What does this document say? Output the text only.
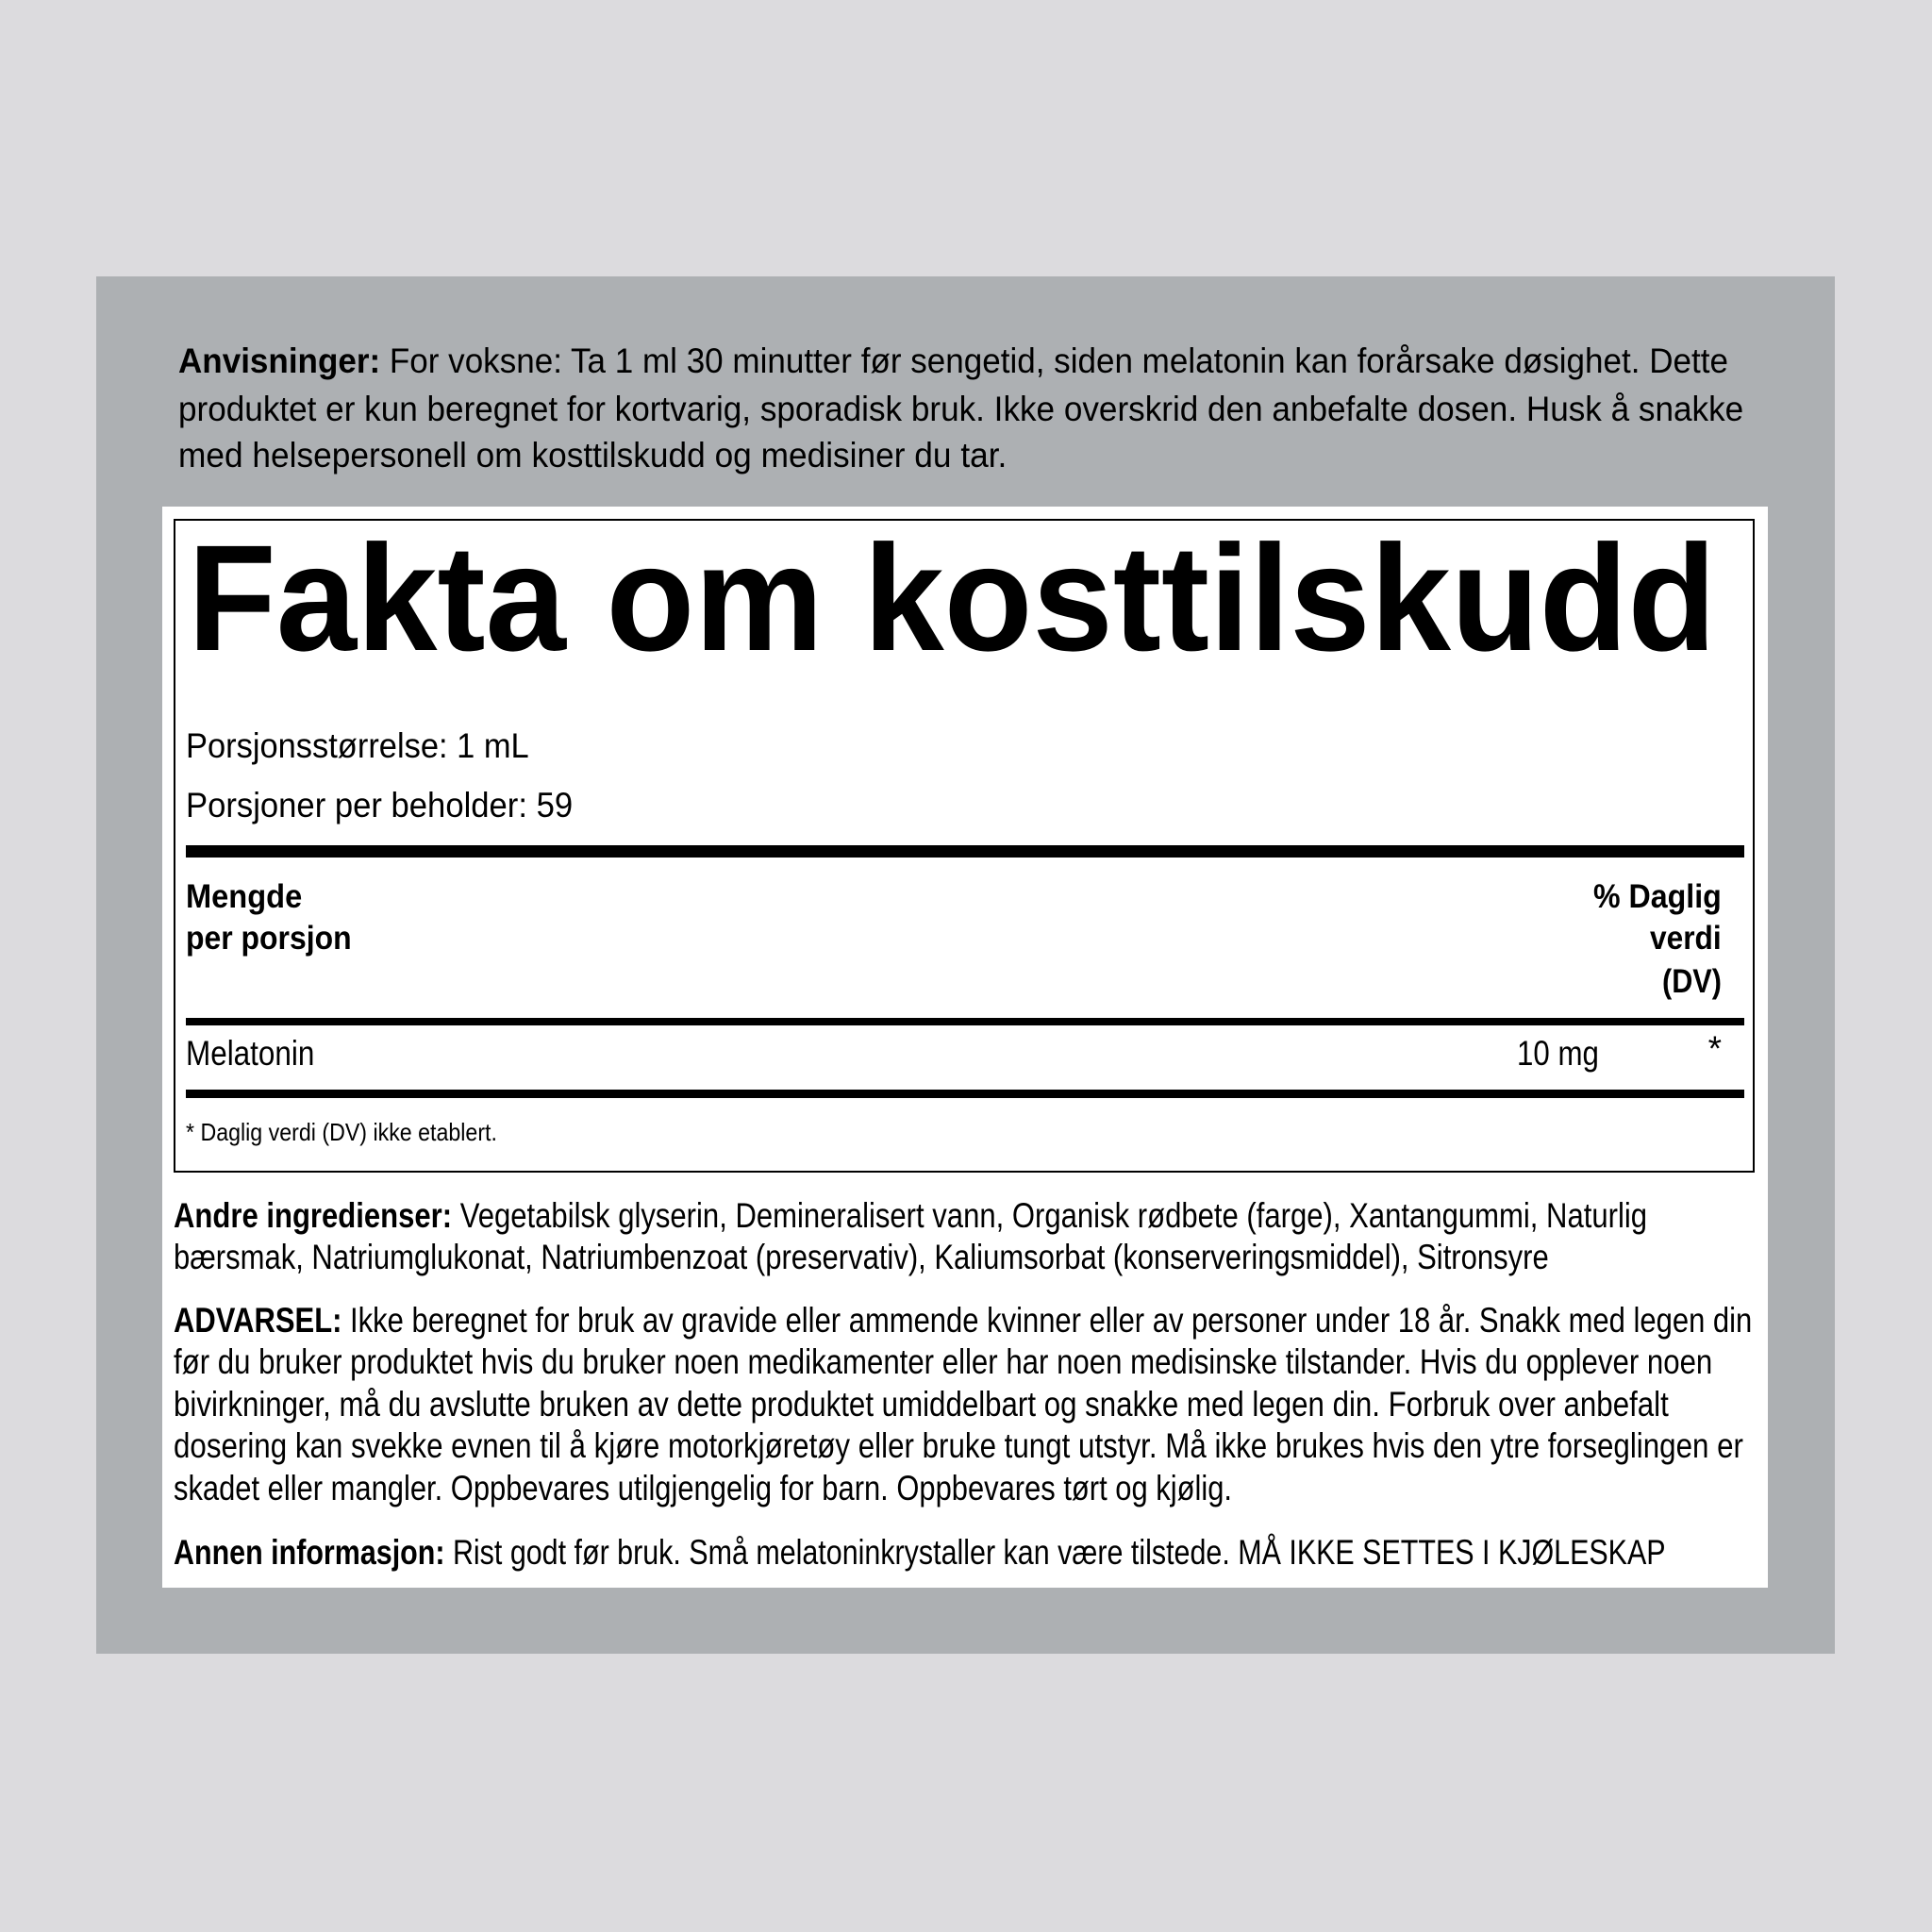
Anvisninger: For voksne: Ta 1 ml 30 minutter før sengetid, siden melatonin kan forårsake døsighet. Dette
produktet er kun beregnet for kortvarig, sporadisk bruk. Ikke overskrid den anbefalte dosen. Husk å snakke
med helsepersonell om kosttilskudd og medisiner du tar.
Fakta om kosttilskudd
Porsjonsstørrelse: 1 mL
Porsjoner per beholder: 59
Mengde
per porsjon
% Daglig
verdi
(DV)
Melatonin	10 mg	*
* Daglig verdi (DV) ikke etablert.
Andre ingredienser: Vegetabilsk glyserin, Demineralisert vann, Organisk rødbete (farge), Xantangummi, Naturlig
bærsmak, Natriumglukonat, Natriumbenzoat (preservativ), Kaliumsorbat (konserveringsmiddel), Sitronsyre
ADVARSEL: Ikke beregnet for bruk av gravide eller ammende kvinner eller av personer under 18 år. Snakk med legen din
før du bruker produktet hvis du bruker noen medikamenter eller har noen medisinske tilstander. Hvis du opplever noen
bivirkninger, må du avslutte bruken av dette produktet umiddelbart og snakke med legen din. Forbruk over anbefalt
dosering kan svekke evnen til å kjøre motorkjøretøy eller bruke tungt utstyr. Må ikke brukes hvis den ytre forseglingen er
skadet eller mangler. Oppbevares utilgjengelig for barn. Oppbevares tørt og kjølig.
Annen informasjon: Rist godt før bruk. Små melatoninkrystaller kan være tilstede. MÅ IKKE SETTES I KJØLESKAP
